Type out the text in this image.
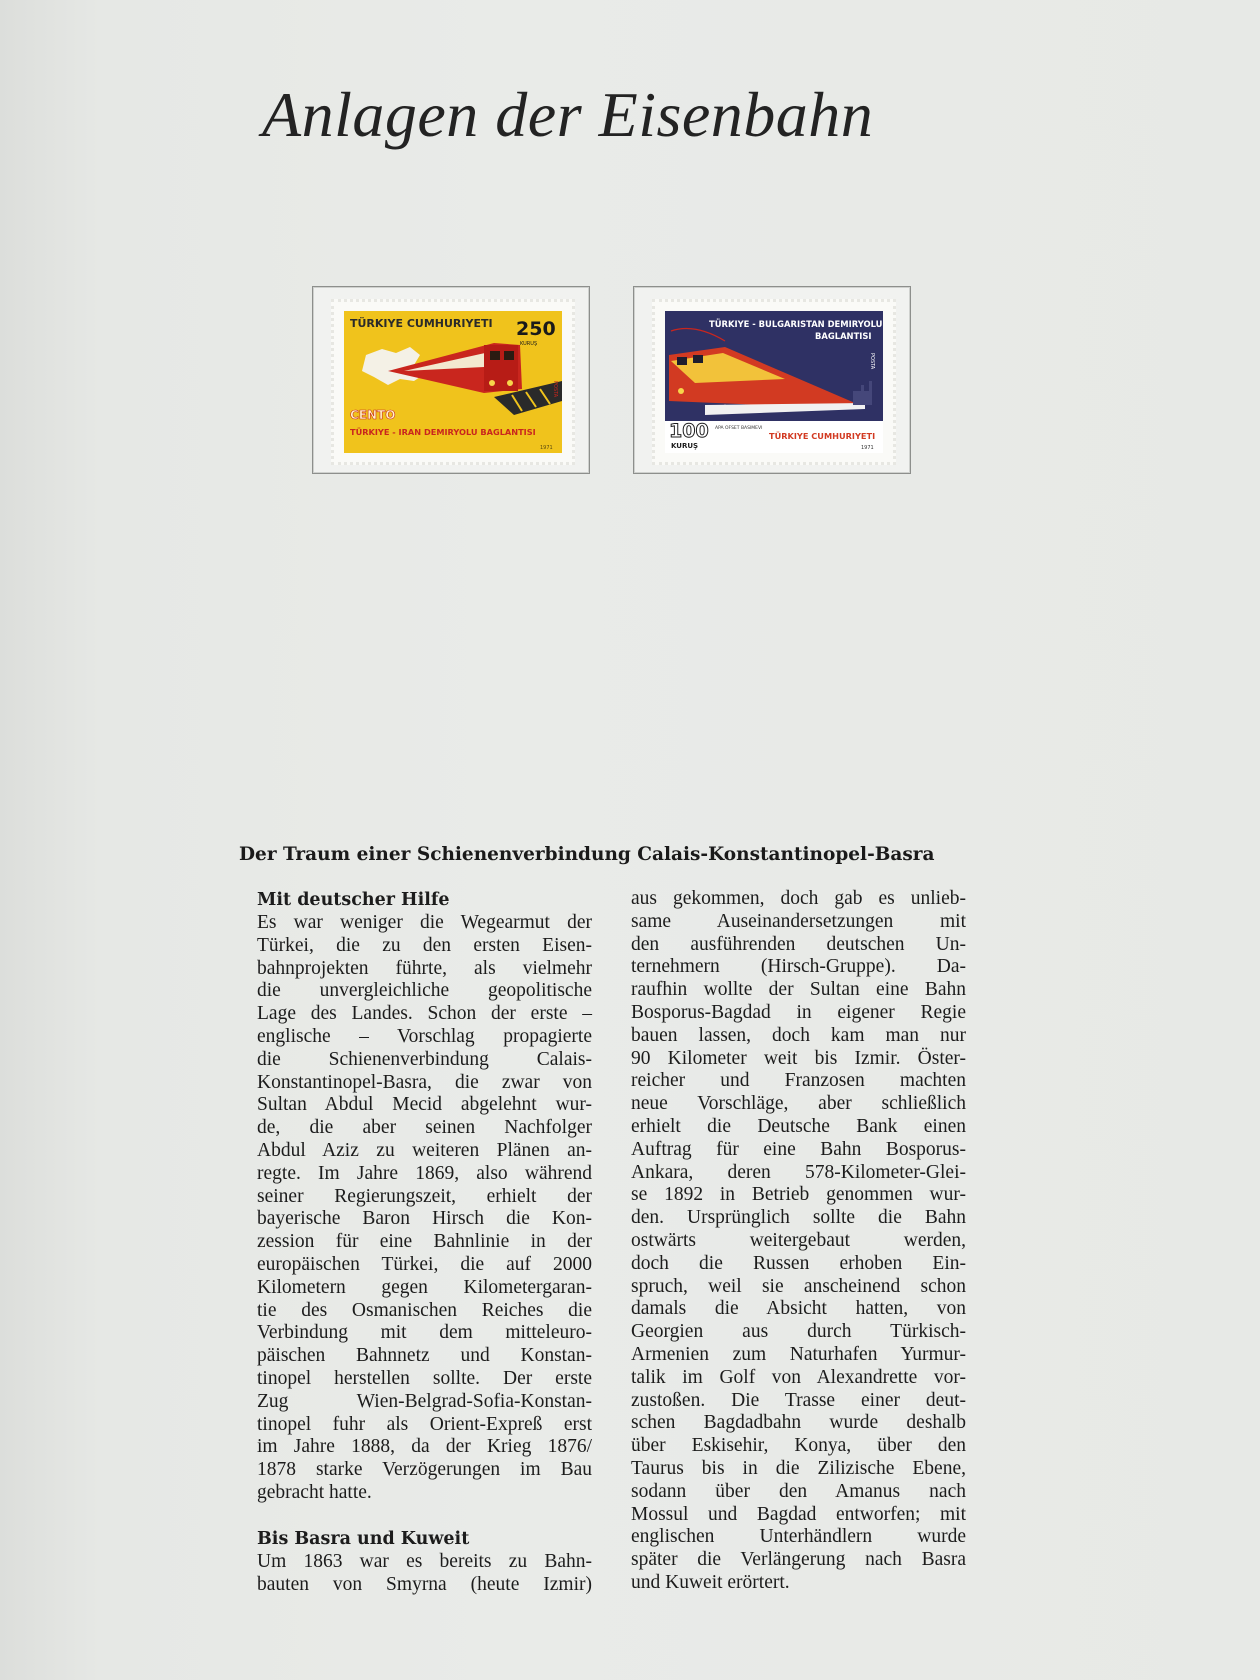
Anlagen der Eisenbahn
TÜRKIYE CUMHURIYETI 250
KURUŞ
POSTA
CENTO
TÜRKIYE - IRAN DEMIRYOLU BAGLANTISI
1971
TÜRKIYE - BULGARISTAN DEMIRYOLU
BAGLANTISI
POSTA
100
KURUŞ
TÜRKIYE CUMHURIYETI
APA OFSET BASIMEVI
1971
Der Traum einer Schienenverbindung Calais-Konstantinopel-Basra
Mit deutscher Hilfe
Es war weniger die Wegearmut der
Türkei, die zu den ersten Eisen-
bahnprojekten führte, als vielmehr
die unvergleichliche geopolitische
Lage des Landes. Schon der erste –
englische – Vorschlag propagierte
die Schienenverbindung Calais-
Konstantinopel-Basra, die zwar von
Sultan Abdul Mecid abgelehnt wur-
de, die aber seinen Nachfolger
Abdul Aziz zu weiteren Plänen an-
regte. Im Jahre 1869, also während
seiner Regierungszeit, erhielt der
bayerische Baron Hirsch die Kon-
zession für eine Bahnlinie in der
europäischen Türkei, die auf 2000
Kilometern gegen Kilometergaran-
tie des Osmanischen Reiches die
Verbindung mit dem mitteleuro-
päischen Bahnnetz und Konstan-
tinopel herstellen sollte. Der erste
Zug Wien-Belgrad-Sofia-Konstan-
tinopel fuhr als Orient-Expreß erst
im Jahre 1888, da der Krieg 1876/
1878 starke Verzögerungen im Bau
gebracht hatte.
Bis Basra und Kuweit
Um 1863 war es bereits zu Bahn-
bauten von Smyrna (heute Izmir)
aus gekommen, doch gab es unlieb-
same Auseinandersetzungen mit
den ausführenden deutschen Un-
ternehmern (Hirsch-Gruppe). Da-
raufhin wollte der Sultan eine Bahn
Bosporus-Bagdad in eigener Regie
bauen lassen, doch kam man nur
90 Kilometer weit bis Izmir. Öster-
reicher und Franzosen machten
neue Vorschläge, aber schließlich
erhielt die Deutsche Bank einen
Auftrag für eine Bahn Bosporus-
Ankara, deren 578-Kilometer-Glei-
se 1892 in Betrieb genommen wur-
den. Ursprünglich sollte die Bahn
ostwärts weitergebaut werden,
doch die Russen erhoben Ein-
spruch, weil sie anscheinend schon
damals die Absicht hatten, von
Georgien aus durch Türkisch-
Armenien zum Naturhafen Yurmur-
talik im Golf von Alexandrette vor-
zustoßen. Die Trasse einer deut-
schen Bagdadbahn wurde deshalb
über Eskisehir, Konya, über den
Taurus bis in die Zilizische Ebene,
sodann über den Amanus nach
Mossul und Bagdad entworfen; mit
englischen Unterhändlern wurde
später die Verlängerung nach Basra
und Kuweit erörtert.
